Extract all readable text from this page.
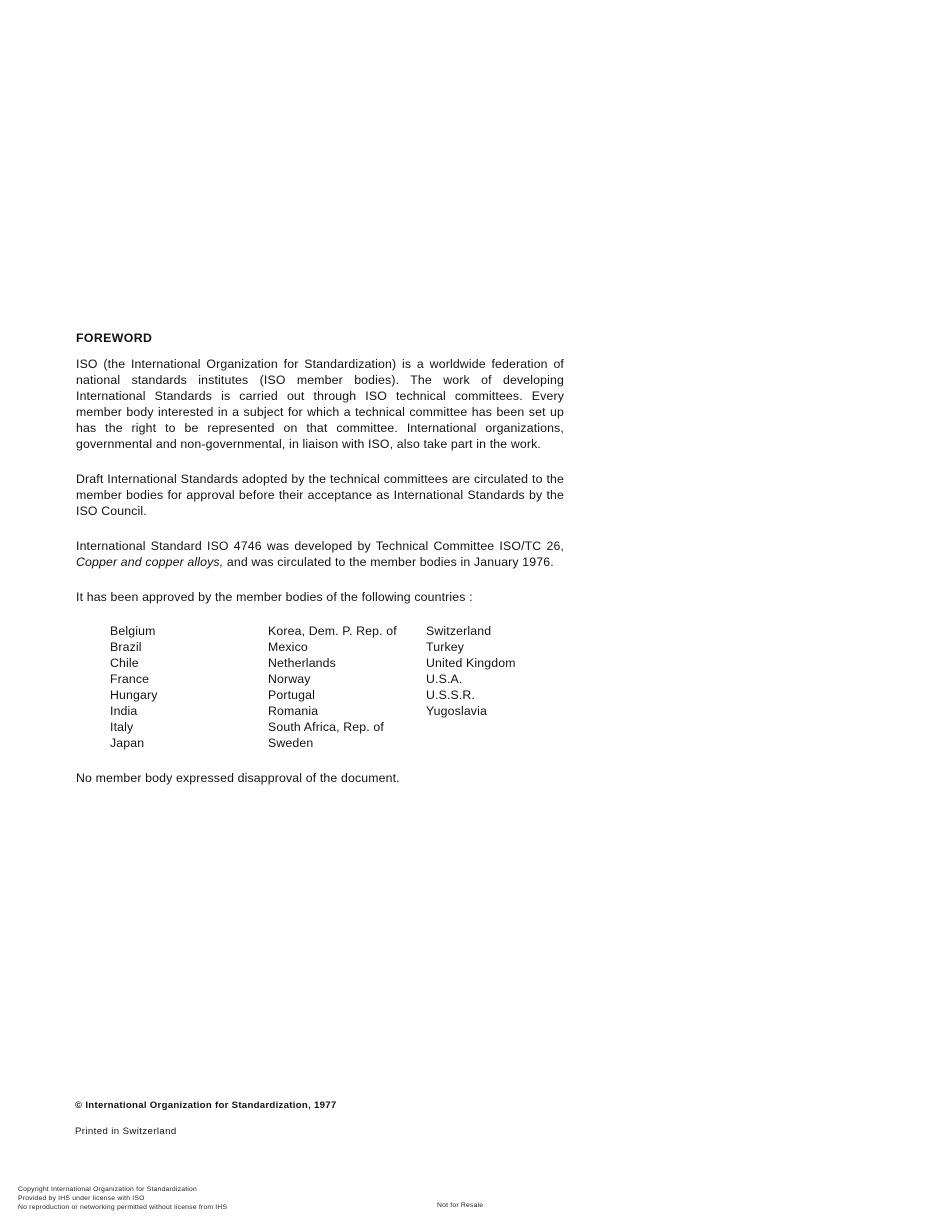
FOREWORD

ISO (the International Organization for Standardization) is a worldwide federation of national standards institutes (ISO member bodies). The work of developing International Standards is carried out through ISO technical committees. Every member body interested in a subject for which a technical committee has been set up has the right to be represented on that committee. International organizations, governmental and non-governmental, in liaison with ISO, also take part in the work.

Draft International Standards adopted by the technical committees are circulated to the member bodies for approval before their acceptance as International Standards by the ISO Council.

International Standard ISO 4746 was developed by Technical Committee ISO/TC 26, Copper and copper alloys, and was circulated to the member bodies in January 1976.

It has been approved by the member bodies of the following countries :

Belgium
Brazil
Chile
France
Hungary
India
Italy
Japan
Korea, Dem. P. Rep. of
Mexico
Netherlands
Norway
Portugal
Romania
South Africa, Rep. of
Sweden
Switzerland
Turkey
United Kingdom
U.S.A.
U.S.S.R.
Yugoslavia

No member body expressed disapproval of the document.

© International Organization for Standardization, 1977
Printed in Switzerland
Copyright International Organization for Standardization
Provided by IHS under license with ISO
No reproduction or networking permitted without license from IHS	Not for Resale
